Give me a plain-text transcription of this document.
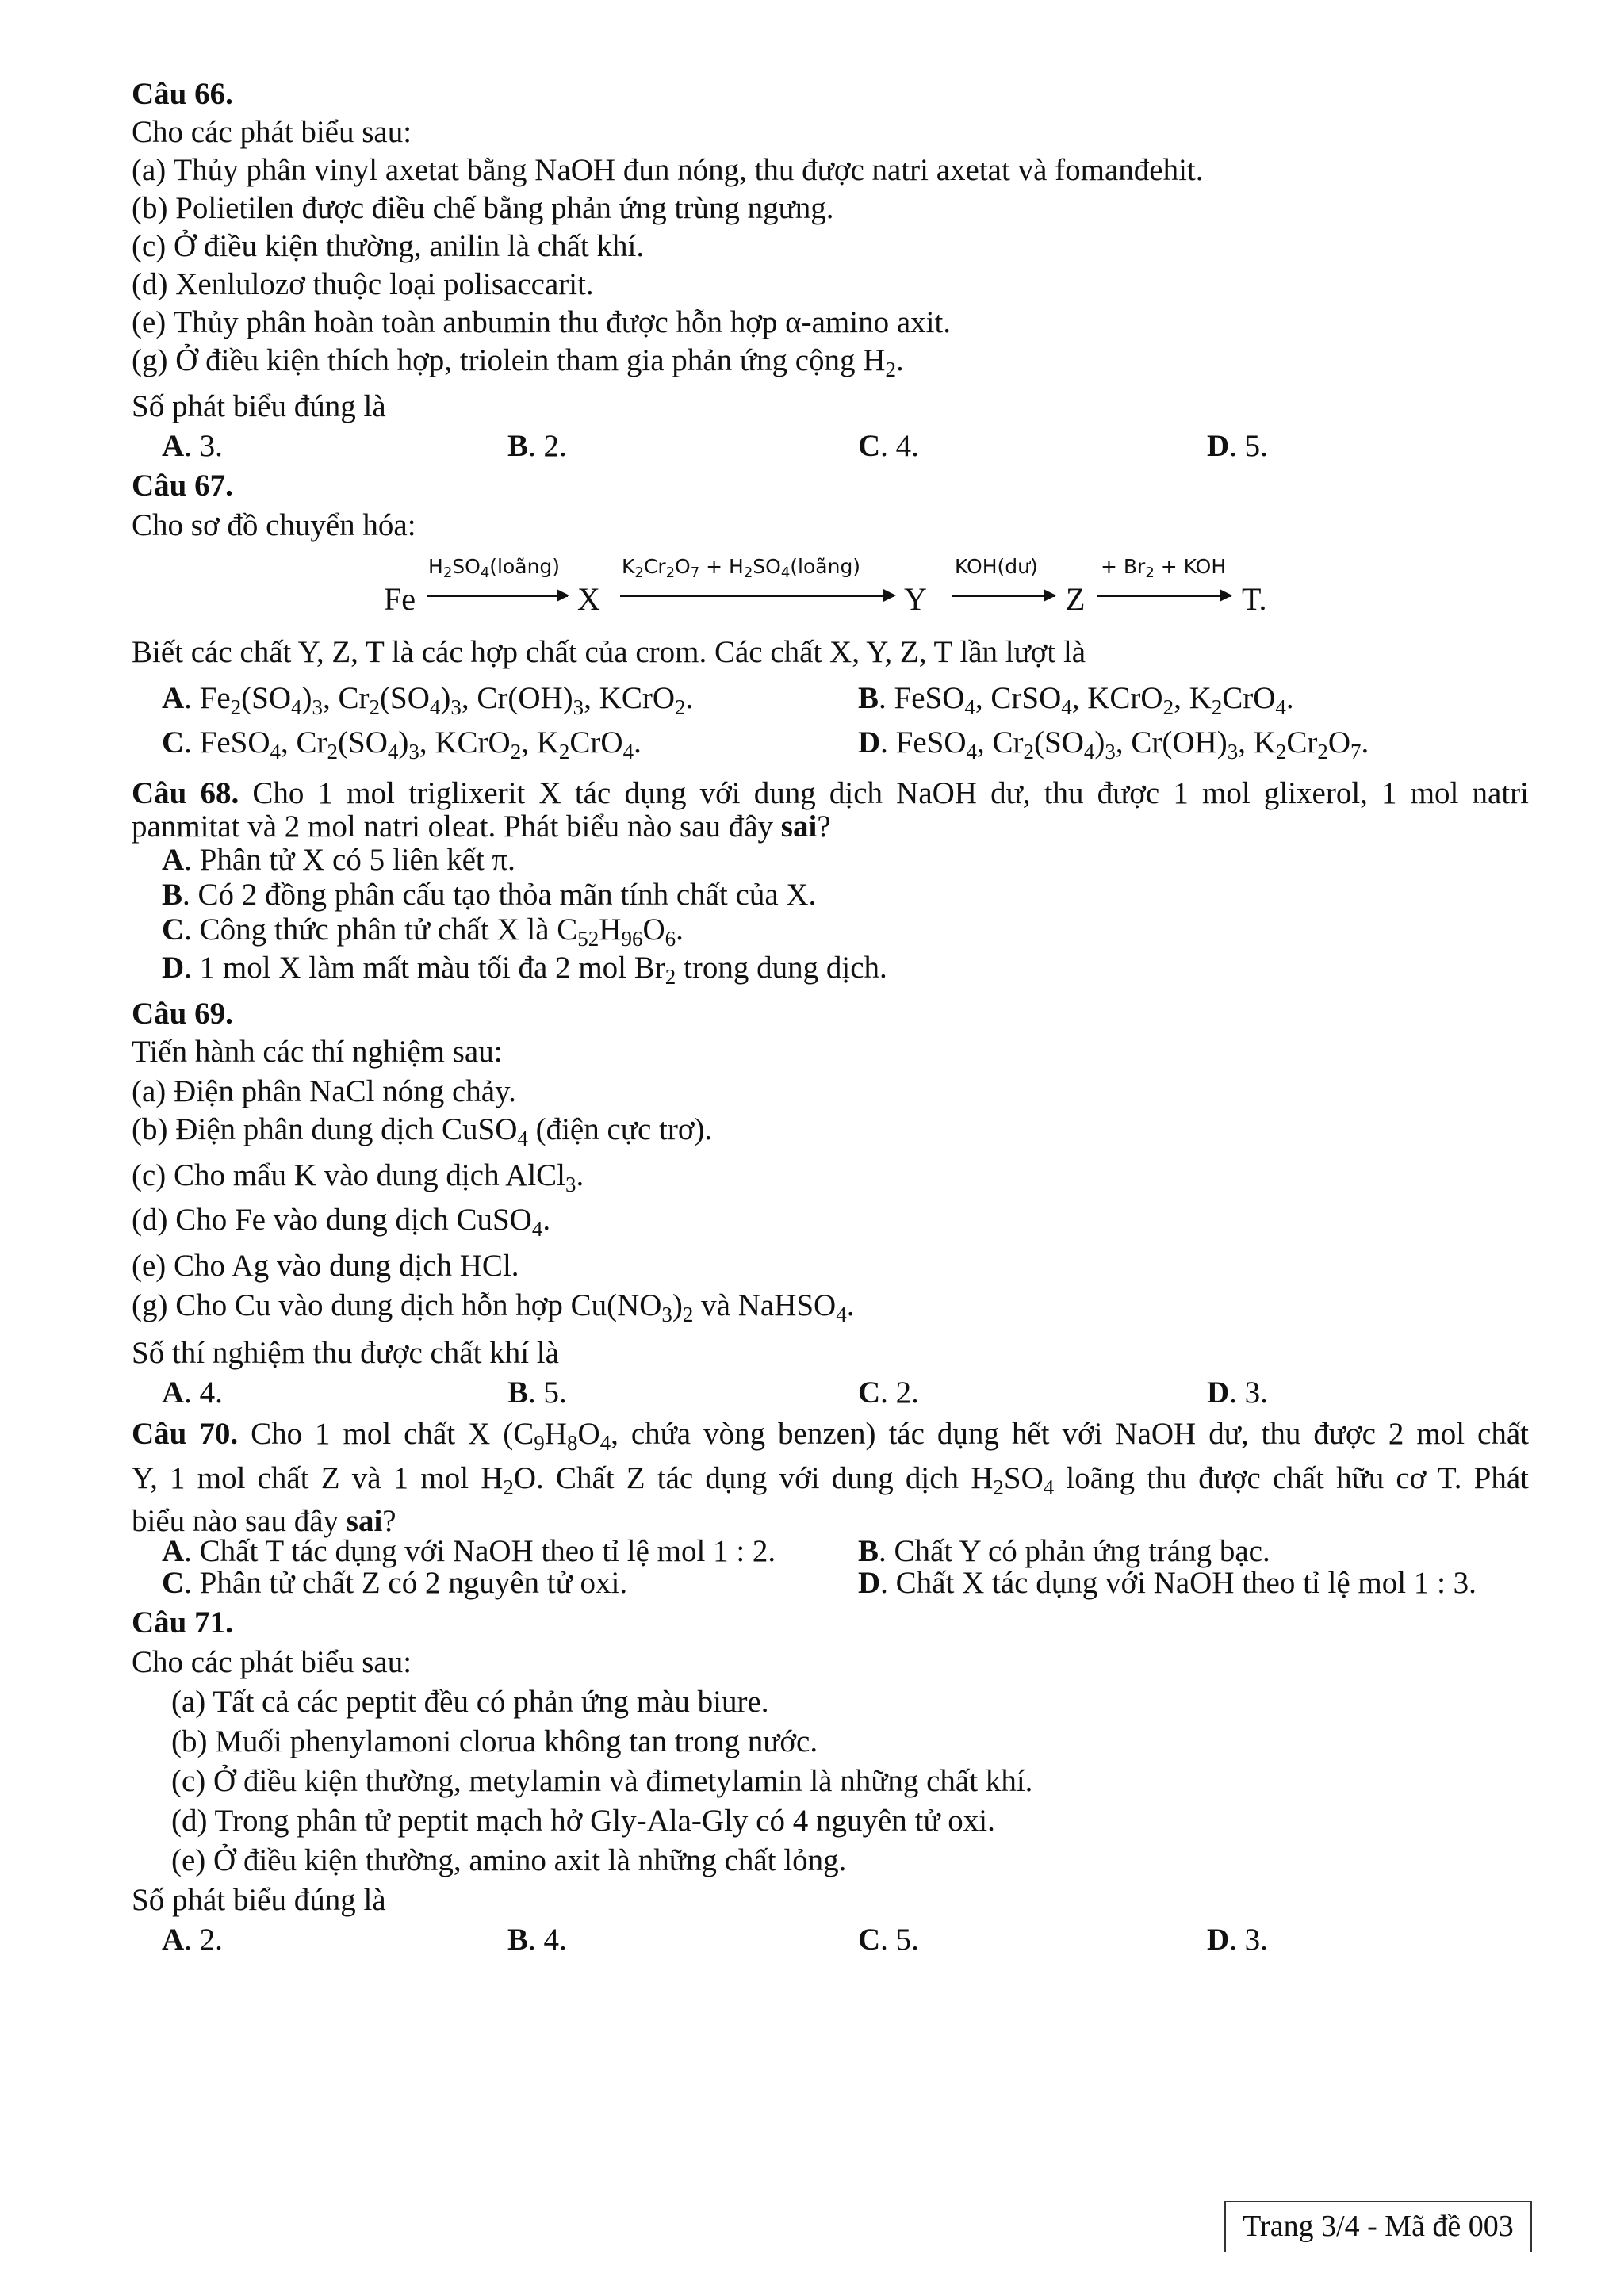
Câu 66.
Cho các phát biểu sau:
(a) Thủy phân vinyl axetat bằng NaOH đun nóng, thu được natri axetat và fomanđehit.
(b) Polietilen được điều chế bằng phản ứng trùng ngưng.
(c) Ở điều kiện thường, anilin là chất khí.
(d) Xenlulozơ thuộc loại polisaccarit.
(e) Thủy phân hoàn toàn anbumin thu được hỗn hợp α-amino axit.
(g) Ở điều kiện thích hợp, triolein tham gia phản ứng cộng $H_2$.
Số phát biểu đúng là
A. 3.	B. 2.	C. 4.	D. 5.
Câu 67.
Cho sơ đồ chuyển hóa:
Fe
$H_2SO_4(loãng)$
X
$K_2Cr_2O_7$ + $H_2SO_4(loãng)$
Y
KOH(dư)
Z
+ $Br_2$ + KOH
T.
Biết các chất Y, Z, T là các hợp chất của crom. Các chất X, Y, Z, T lần lượt là
A. $Fe_2(SO_4)_3$, $Cr_2(SO_4)_3$, $Cr(OH)_3$, KCrO$_2$.	B. FeSO$_4$, CrSO$_4$, KCrO$_2$, $K_2CrO_4$.
C. FeSO$_4$, $Cr_2(SO_4)_3$, KCrO$_2$, $K_2CrO_4$.	D. FeSO$_4$, $Cr_2(SO_4)_3$, $Cr(OH)_3$, $K_2Cr_2O_7$.
Câu 68. Cho 1 mol triglixerit X tác dụng với dung dịch NaOH dư, thu được 1 mol glixerol, 1 mol natri
panmitat và 2 mol natri oleat. Phát biểu nào sau đây sai?
A. Phân tử X có 5 liên kết π.
B. Có 2 đồng phân cấu tạo thỏa mãn tính chất của X.
C. Công thức phân tử chất X là $C_{52}H_{96}O_6$.
D. 1 mol X làm mất màu tối đa 2 mol $Br_2$ trong dung dịch.
Câu 69.
Tiến hành các thí nghiệm sau:
(a) Điện phân NaCl nóng chảy.
(b) Điện phân dung dịch CuSO$_4$ (điện cực trơ).
(c) Cho mẩu K vào dung dịch AlCl$_3$.
(d) Cho Fe vào dung dịch CuSO$_4$.
(e) Cho Ag vào dung dịch HCl.
(g) Cho Cu vào dung dịch hỗn hợp $Cu(NO_3)_2$ và NaHSO$_4$.
Số thí nghiệm thu được chất khí là
A. 4.	B. 5.	C. 2.	D. 3.
Câu 70. Cho 1 mol chất X ($C_9H_8O_4$, chứa vòng benzen) tác dụng hết với NaOH dư, thu được 2 mol chất
Y, 1 mol chất Z và 1 mol $H_2O$. Chất Z tác dụng với dung dịch $H_2SO_4$ loãng thu được chất hữu cơ T. Phát
biểu nào sau đây sai?
A. Chất T tác dụng với NaOH theo tỉ lệ mol 1 : 2.	B. Chất Y có phản ứng tráng bạc.
C. Phân tử chất Z có 2 nguyên tử oxi.	D. Chất X tác dụng với NaOH theo tỉ lệ mol 1 : 3.
Câu 71.
Cho các phát biểu sau:
(a) Tất cả các peptit đều có phản ứng màu biure.
(b) Muối phenylamoni clorua không tan trong nước.
(c) Ở điều kiện thường, metylamin và đimetylamin là những chất khí.
(d) Trong phân tử peptit mạch hở Gly-Ala-Gly có 4 nguyên tử oxi.
(e) Ở điều kiện thường, amino axit là những chất lỏng.
Số phát biểu đúng là
A. 2.	B. 4.	C. 5.	D. 3.
Trang 3/4 - Mã đề 003
